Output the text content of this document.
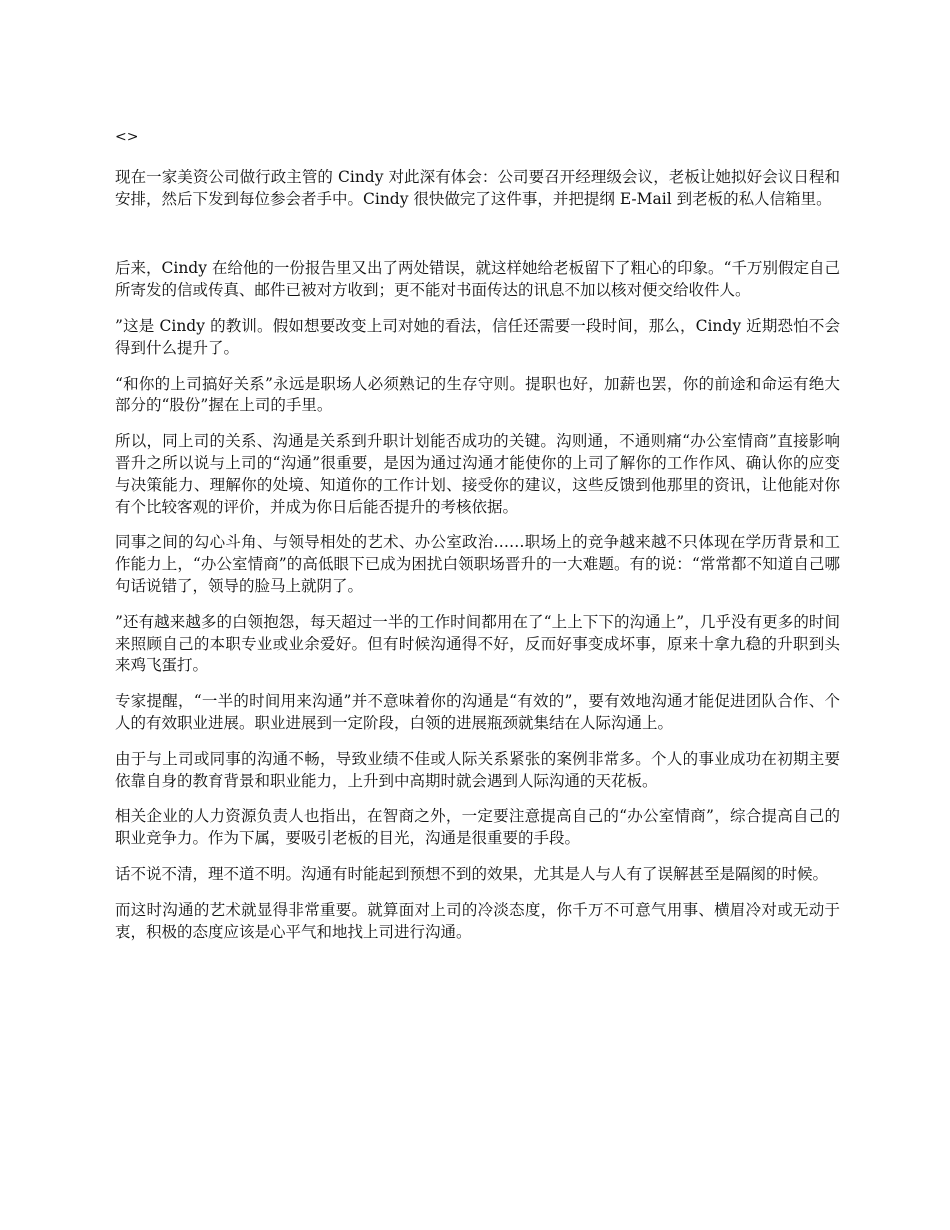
<>

现在一家美资公司做行政主管的 Cindy 对此深有体会：公司要召开经理级会议，老板让她拟好会议日程和安排，然后下发到每位参会者手中。Cindy 很快做完了这件事，并把提纲 E-Mail 到老板的私人信箱里。

后来，Cindy 在给他的一份报告里又出了两处错误，就这样她给老板留下了粗心的印象。“千万别假定自己所寄发的信或传真、邮件已被对方收到；更不能对书面传达的讯息不加以核对便交给收件人。

”这是 Cindy 的教训。假如想要改变上司对她的看法，信任还需要一段时间，那么，Cindy 近期恐怕不会得到什么提升了。

“和你的上司搞好关系”永远是职场人必须熟记的生存守则。提职也好，加薪也罢，你的前途和命运有绝大部分的“股份”握在上司的手里。

所以，同上司的关系、沟通是关系到升职计划能否成功的关键。沟则通，不通则痛“办公室情商”直接影响晋升之所以说与上司的“沟通”很重要，是因为通过沟通才能使你的上司了解你的工作作风、确认你的应变与决策能力、理解你的处境、知道你的工作计划、接受你的建议，这些反馈到他那里的资讯，让他能对你有个比较客观的评价，并成为你日后能否提升的考核依据。

同事之间的勾心斗角、与领导相处的艺术、办公室政治……职场上的竞争越来越不只体现在学历背景和工作能力上，“办公室情商”的高低眼下已成为困扰白领职场晋升的一大难题。有的说：“常常都不知道自己哪句话说错了，领导的脸马上就阴了。

”还有越来越多的白领抱怨，每天超过一半的工作时间都用在了“上上下下的沟通上”，几乎没有更多的时间来照顾自己的本职专业或业余爱好。但有时候沟通得不好，反而好事变成坏事，原来十拿九稳的升职到头来鸡飞蛋打。

专家提醒，“一半的时间用来沟通”并不意味着你的沟通是“有效的”，要有效地沟通才能促进团队合作、个人的有效职业进展。职业进展到一定阶段，白领的进展瓶颈就集结在人际沟通上。

由于与上司或同事的沟通不畅，导致业绩不佳或人际关系紧张的案例非常多。个人的事业成功在初期主要依靠自身的教育背景和职业能力，上升到中高期时就会遇到人际沟通的天花板。

相关企业的人力资源负责人也指出，在智商之外，一定要注意提高自己的“办公室情商”，综合提高自己的职业竞争力。作为下属，要吸引老板的目光，沟通是很重要的手段。

话不说不清，理不道不明。沟通有时能起到预想不到的效果，尤其是人与人有了误解甚至是隔阂的时候。

而这时沟通的艺术就显得非常重要。就算面对上司的冷淡态度，你千万不可意气用事、横眉冷对或无动于衷，积极的态度应该是心平气和地找上司进行沟通。
